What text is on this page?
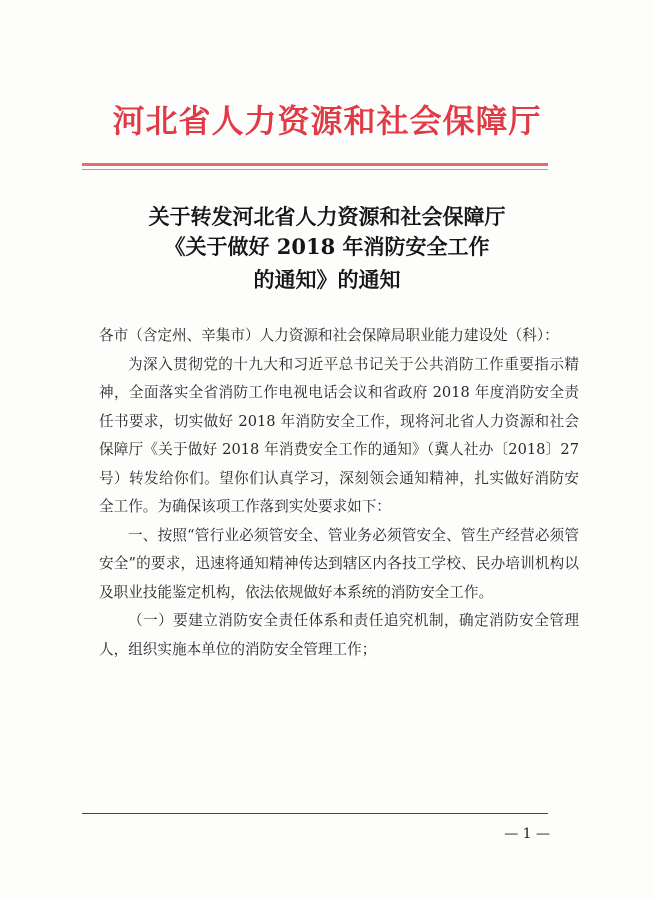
河北省人力资源和社会保障厅
关于转发河北省人力资源和社会保障厅
《关于做好 2018 年消防安全工作
的通知》的通知

各市（含定州、辛集市）人力资源和社会保障局职业能力建设处（科）：

为深入贯彻党的十九大和习近平总书记关于公共消防工作重要指示精神，全面落实全省消防工作电视电话会议和省政府 2018 年度消防安全责任书要求，切实做好 2018 年消防安全工作，现将河北省人力资源和社会保障厅《关于做好 2018 年消费安全工作的通知》（冀人社办〔2018〕27 号）转发给你们。望你们认真学习，深刻领会通知精神，扎实做好消防安全工作。为确保该项工作落到实处要求如下：

一、按照“管行业必须管安全、管业务必须管安全、管生产经营必须管安全”的要求，迅速将通知精神传达到辖区内各技工学校、民办培训机构以及职业技能鉴定机构，依法依规做好本系统的消防安全工作。

（一）要建立消防安全责任体系和责任追究机制，确定消防安全管理人，组织实施本单位的消防安全管理工作；

— 1 —
